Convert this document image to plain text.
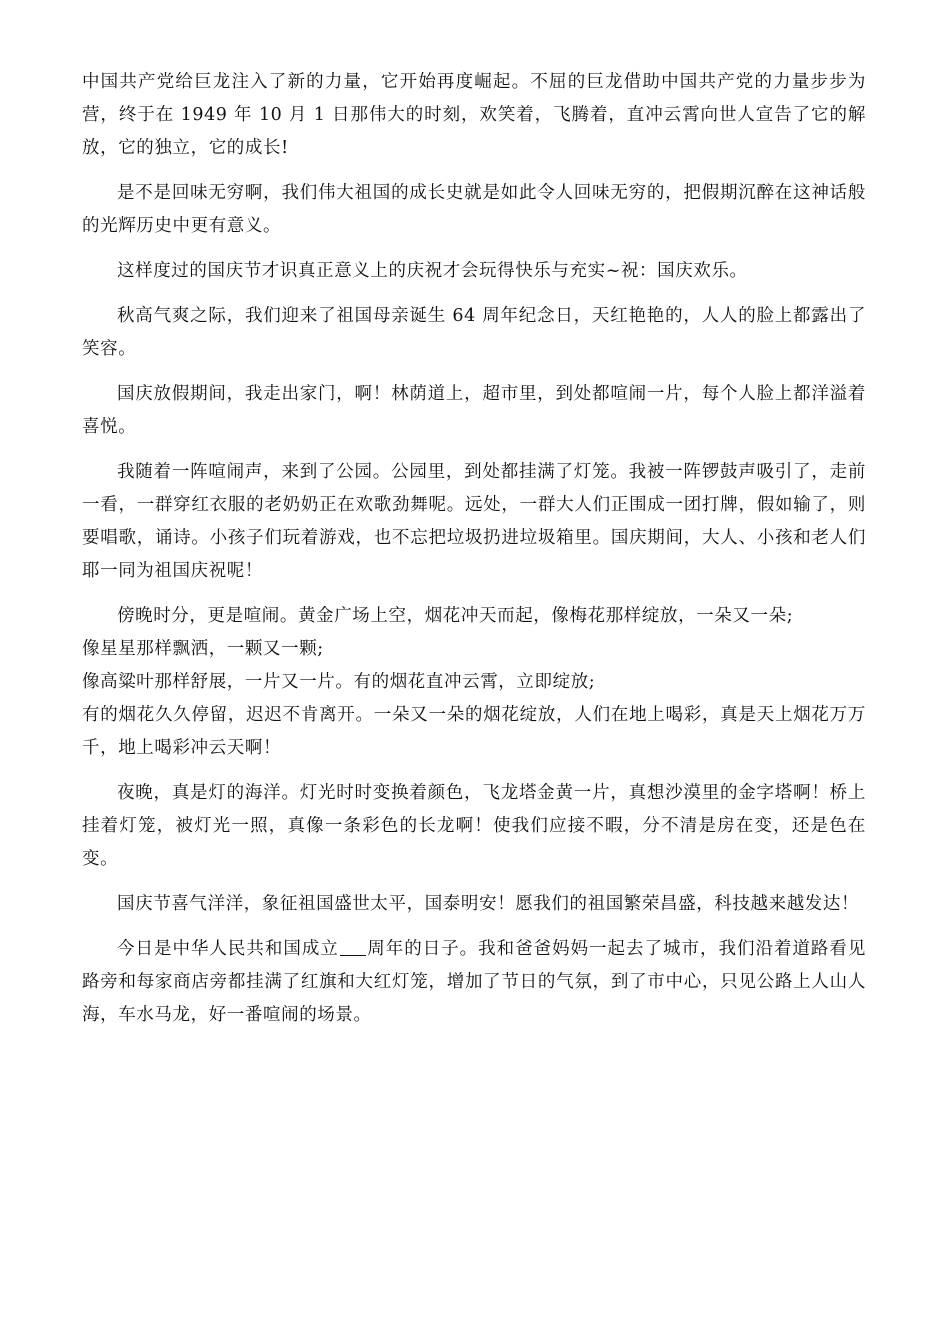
中国共产党给巨龙注入了新的力量，它开始再度崛起。不屈的巨龙借助中国共产党的力量步步为营，终于在 1949 年 10 月 1 日那伟大的时刻，欢笑着，飞腾着，直冲云霄向世人宣告了它的解放，它的独立，它的成长!

是不是回味无穷啊，我们伟大祖国的成长史就是如此令人回味无穷的，把假期沉醉在这神话般的光辉历史中更有意义。

这样度过的国庆节才识真正意义上的庆祝才会玩得快乐与充实~祝：国庆欢乐。

秋高气爽之际，我们迎来了祖国母亲诞生 64 周年纪念日，天红艳艳的，人人的脸上都露出了笑容。

国庆放假期间，我走出家门，啊！林荫道上，超市里，到处都喧闹一片，每个人脸上都洋溢着喜悦。

我随着一阵喧闹声，来到了公园。公园里，到处都挂满了灯笼。我被一阵锣鼓声吸引了，走前一看，一群穿红衣服的老奶奶正在欢歌劲舞呢。远处，一群大人们正围成一团打牌，假如输了，则要唱歌，诵诗。小孩子们玩着游戏，也不忘把垃圾扔进垃圾箱里。国庆期间，大人、小孩和老人们耶一同为祖国庆祝呢！

傍晚时分，更是喧闹。黄金广场上空，烟花冲天而起，像梅花那样绽放，一朵又一朵;

像星星那样飘洒，一颗又一颗;

像高粱叶那样舒展，一片又一片。有的烟花直冲云霄，立即绽放;

有的烟花久久停留，迟迟不肯离开。一朵又一朵的烟花绽放，人们在地上喝彩，真是天上烟花万万千，地上喝彩冲云天啊！

夜晚，真是灯的海洋。灯光时时变换着颜色，飞龙塔金黄一片，真想沙漠里的金字塔啊！桥上挂着灯笼，被灯光一照，真像一条彩色的长龙啊！使我们应接不暇，分不清是房在变，还是色在变。

国庆节喜气洋洋，象征祖国盛世太平，国泰明安！愿我们的祖国繁荣昌盛，科技越来越发达！

今日是中华人民共和国成立 周年的日子。我和爸爸妈妈一起去了城市，我们沿着道路看见路旁和每家商店旁都挂满了红旗和大红灯笼，增加了节日的气氛，到了市中心，只见公路上人山人海，车水马龙，好一番喧闹的场景。
